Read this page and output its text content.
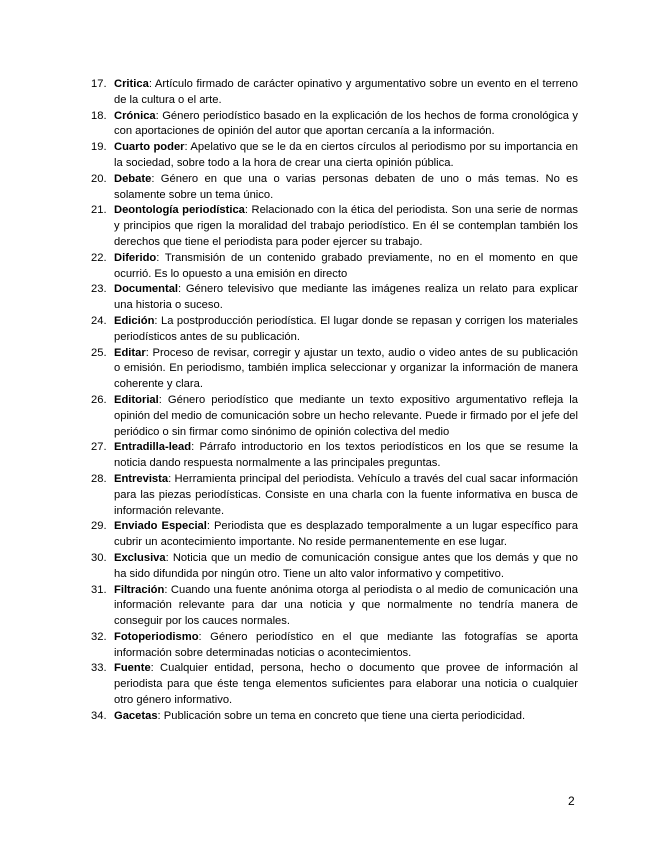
17. Critica: Artículo firmado de carácter opinativo y argumentativo sobre un evento en el terreno de la cultura o el arte.
18. Crónica: Género periodístico basado en la explicación de los hechos de forma cronológica y con aportaciones de opinión del autor que aportan cercanía a la información.
19. Cuarto poder: Apelativo que se le da en ciertos círculos al periodismo por su importancia en la sociedad, sobre todo a la hora de crear una cierta opinión pública.
20. Debate: Género en que una o varias personas debaten de uno o más temas. No es solamente sobre un tema único.
21. Deontología periodística: Relacionado con la ética del periodista. Son una serie de normas y principios que rigen la moralidad del trabajo periodístico. En él se contemplan también los derechos que tiene el periodista para poder ejercer su trabajo.
22. Diferido: Transmisión de un contenido grabado previamente, no en el momento en que ocurrió. Es lo opuesto a una emisión en directo
23. Documental: Género televisivo que mediante las imágenes realiza un relato para explicar una historia o suceso.
24. Edición: La postproducción periodística. El lugar donde se repasan y corrigen los materiales periodísticos antes de su publicación.
25. Editar: Proceso de revisar, corregir y ajustar un texto, audio o video antes de su publicación o emisión. En periodismo, también implica seleccionar y organizar la información de manera coherente y clara.
26. Editorial: Género periodístico que mediante un texto expositivo argumentativo refleja la opinión del medio de comunicación sobre un hecho relevante. Puede ir firmado por el jefe del periódico o sin firmar como sinónimo de opinión colectiva del medio
27. Entradilla-lead: Párrafo introductorio en los textos periodísticos en los que se resume la noticia dando respuesta normalmente a las principales preguntas.
28. Entrevista: Herramienta principal del periodista. Vehículo a través del cual sacar información para las piezas periodísticas. Consiste en una charla con la fuente informativa en busca de información relevante.
29. Enviado Especial: Periodista que es desplazado temporalmente a un lugar específico para cubrir un acontecimiento importante. No reside permanentemente en ese lugar.
30. Exclusiva: Noticia que un medio de comunicación consigue antes que los demás y que no ha sido difundida por ningún otro. Tiene un alto valor informativo y competitivo.
31. Filtración: Cuando una fuente anónima otorga al periodista o al medio de comunicación una información relevante para dar una noticia y que normalmente no tendría manera de conseguir por los cauces normales.
32. Fotoperiodismo: Género periodístico en el que mediante las fotografías se aporta información sobre determinadas noticias o acontecimientos.
33. Fuente: Cualquier entidad, persona, hecho o documento que provee de información al periodista para que éste tenga elementos suficientes para elaborar una noticia o cualquier otro género informativo.
34. Gacetas: Publicación sobre un tema en concreto que tiene una cierta periodicidad.
2
